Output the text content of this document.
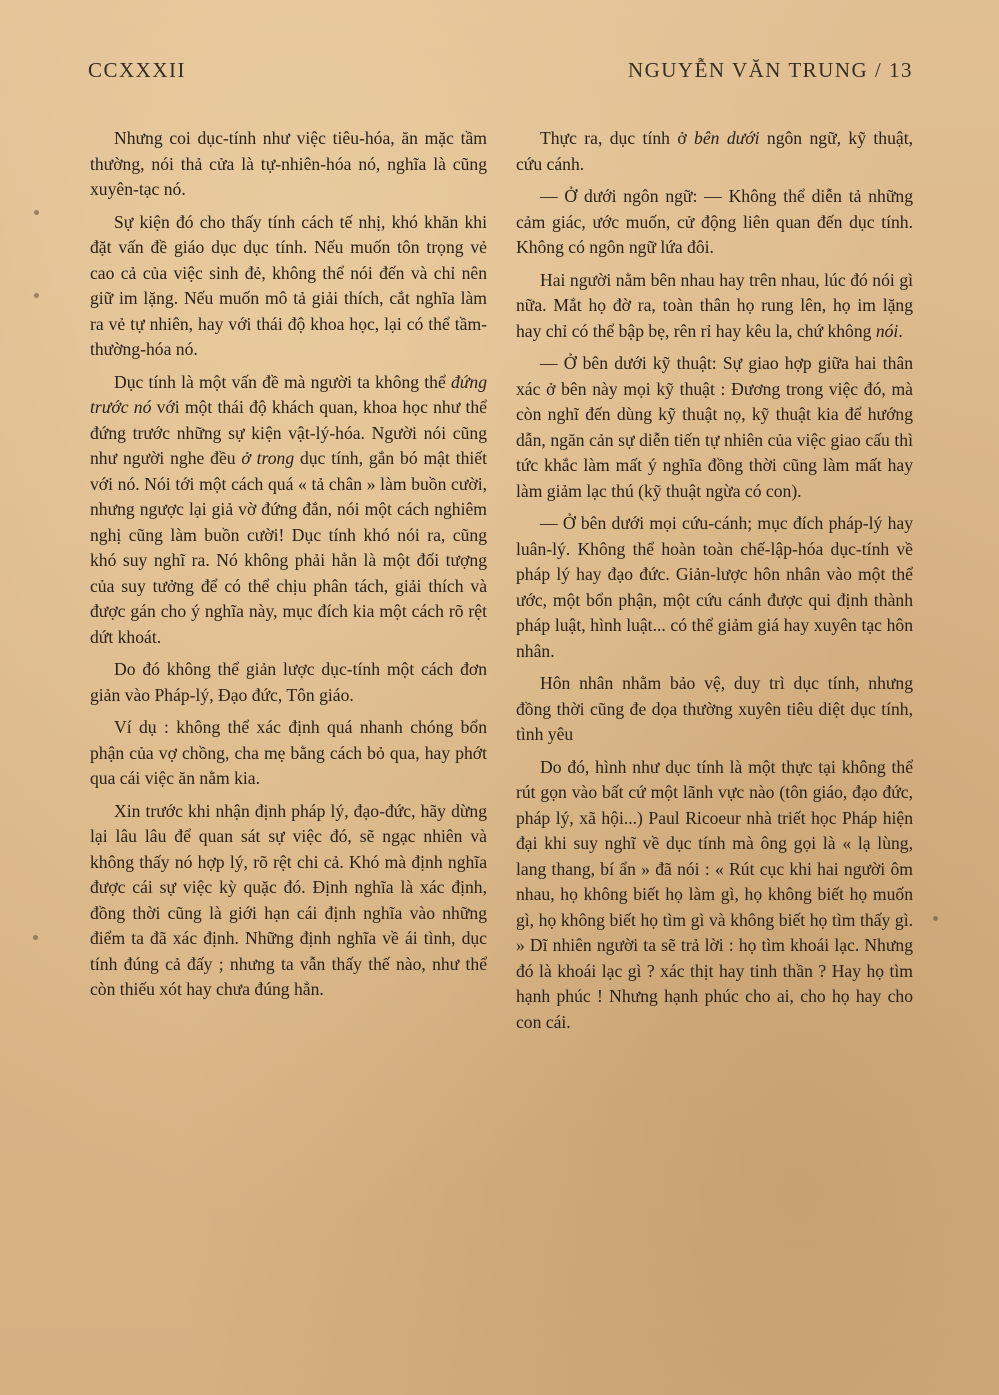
CCXXXII	NGUYỄN VĂN TRUNG / 13

Nhưng coi dục-tính như việc tiêu-hóa, ăn mặc tầm thường, nói thả cửa là tự-nhiên-hóa nó, nghĩa là cũng xuyên-tạc nó.

Sự kiện đó cho thấy tính cách tế nhị, khó khăn khi đặt vấn đề giáo dục dục tính. Nếu muốn tôn trọng vẻ cao cả của việc sinh đẻ, không thể nói đến và chỉ nên giữ im lặng. Nếu muốn mô tả giải thích, cắt nghĩa làm ra vẻ tự nhiên, hay với thái độ khoa học, lại có thể tầm-thường-hóa nó.

Dục tính là một vấn đề mà người ta không thể đứng trước nó với một thái độ khách quan, khoa học như thể đứng trước những sự kiện vật-lý-hóa. Người nói cũng như người nghe đều ở trong dục tính, gắn bó mật thiết với nó. Nói tới một cách quá « tả chân » làm buồn cười, nhưng ngược lại giả vờ đứng đắn, nói một cách nghiêm nghị cũng làm buồn cười! Dục tính khó nói ra, cũng khó suy nghĩ ra. Nó không phải hẳn là một đối tượng của suy tưởng để có thể chịu phân tách, giải thích và được gán cho ý nghĩa này, mục đích kia một cách rõ rệt dứt khoát.

Do đó không thể giản lược dục-tính một cách đơn giản vào Pháp-lý, Đạo đức, Tôn giáo.

Ví dụ : không thể xác định quá nhanh chóng bổn phận của vợ chồng, cha mẹ bằng cách bỏ qua, hay phớt qua cái việc ăn nằm kia.

Xin trước khi nhận định pháp lý, đạo-đức, hãy dừng lại lâu lâu để quan sát sự việc đó, sẽ ngạc nhiên và không thấy nó hợp lý, rõ rệt chi cả. Khó mà định nghĩa được cái sự việc kỳ quặc đó. Định nghĩa là xác định, đồng thời cũng là giới hạn cái định nghĩa vào những điểm ta đã xác định. Những định nghĩa về ái tình, dục tính đúng cả đấy ; nhưng ta vẫn thấy thế nào, như thể còn thiếu xót hay chưa đúng hẳn.

Thực ra, dục tính ở bên dưới ngôn ngữ, kỹ thuật, cứu cánh.

— Ở dưới ngôn ngữ: — Không thể diễn tả những cảm giác, ước muốn, cử động liên quan đến dục tính. Không có ngôn ngữ lứa đôi.

Hai người nằm bên nhau hay trên nhau, lúc đó nói gì nữa. Mắt họ đờ ra, toàn thân họ rung lên, họ im lặng hay chỉ có thể bập bẹ, rên rỉ hay kêu la, chứ không nói.

— Ở bên dưới kỹ thuật: Sự giao hợp giữa hai thân xác ở bên này mọi kỹ thuật : Đương trong việc đó, mà còn nghĩ đến dùng kỹ thuật nọ, kỹ thuật kia để hướng dẫn, ngăn cản sự diễn tiến tự nhiên của việc giao cấu thì tức khắc làm mất ý nghĩa đồng thời cũng làm mất hay làm giảm lạc thú (kỹ thuật ngừa có con).

— Ở bên dưới mọi cứu-cánh; mục đích pháp-lý hay luân-lý. Không thể hoàn toàn chế-lập-hóa dục-tính về pháp lý hay đạo đức. Giản-lược hôn nhân vào một thể ước, một bổn phận, một cứu cánh được qui định thành pháp luật, hình luật... có thể giảm giá hay xuyên tạc hôn nhân.

Hôn nhân nhằm bảo vệ, duy trì dục tính, nhưng đồng thời cũng đe dọa thường xuyên tiêu diệt dục tính, tình yêu

Do đó, hình như dục tính là một thực tại không thể rút gọn vào bất cứ một lãnh vực nào (tôn giáo, đạo đức, pháp lý, xã hội...) Paul Ricoeur nhà triết học Pháp hiện đại khi suy nghĩ về dục tính mà ông gọi là « lạ lùng, lang thang, bí ẩn » đã nói : « Rút cục khi hai người ôm nhau, họ không biết họ làm gì, họ không biết họ muốn gì, họ không biết họ tìm gì và không biết họ tìm thấy gì. » Dĩ nhiên người ta sẽ trả lời : họ tìm khoái lạc. Nhưng đó là khoái lạc gì ? xác thịt hay tinh thần ? Hay họ tìm hạnh phúc ! Nhưng hạnh phúc cho ai, cho họ hay cho con cái.
